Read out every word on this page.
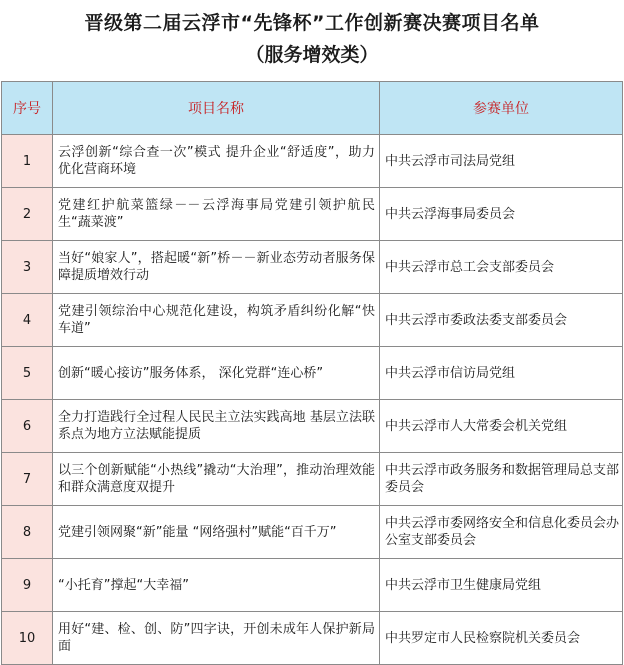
晋级第二届云浮市“先锋杯”工作创新赛决赛项目名单
（服务增效类）
序号	项目名称	参赛单位
1	云浮创新“综合查一次”模式 提升企业“舒适度”，助力优化营商环境	中共云浮市司法局党组
2	党建红护航菜篮绿－－云浮海事局党建引领护航民生“蔬菜渡”	中共云浮海事局委员会
3	当好“娘家人”，搭起暖“新”桥－－新业态劳动者服务保障提质增效行动	中共云浮市总工会支部委员会
4	党建引领综治中心规范化建设，构筑矛盾纠纷化解“快车道”	中共云浮市委政法委支部委员会
5	创新“暖心接访”服务体系， 深化党群“连心桥”	中共云浮市信访局党组
6	全力打造践行全过程人民民主立法实践高地 基层立法联系点为地方立法赋能提质	中共云浮市人大常委会机关党组
7	以三个创新赋能“小热线”撬动“大治理”，推动治理效能和群众满意度双提升	中共云浮市政务服务和数据管理局总支部委员会
8	党建引领网聚“新”能量 “网络强村”赋能“百千万”	中共云浮市委网络安全和信息化委员会办公室支部委员会
9	“小托育”撑起“大幸福”	中共云浮市卫生健康局党组
10	用好“建、检、创、防”四字诀，开创未成年人保护新局面	中共罗定市人民检察院机关委员会
